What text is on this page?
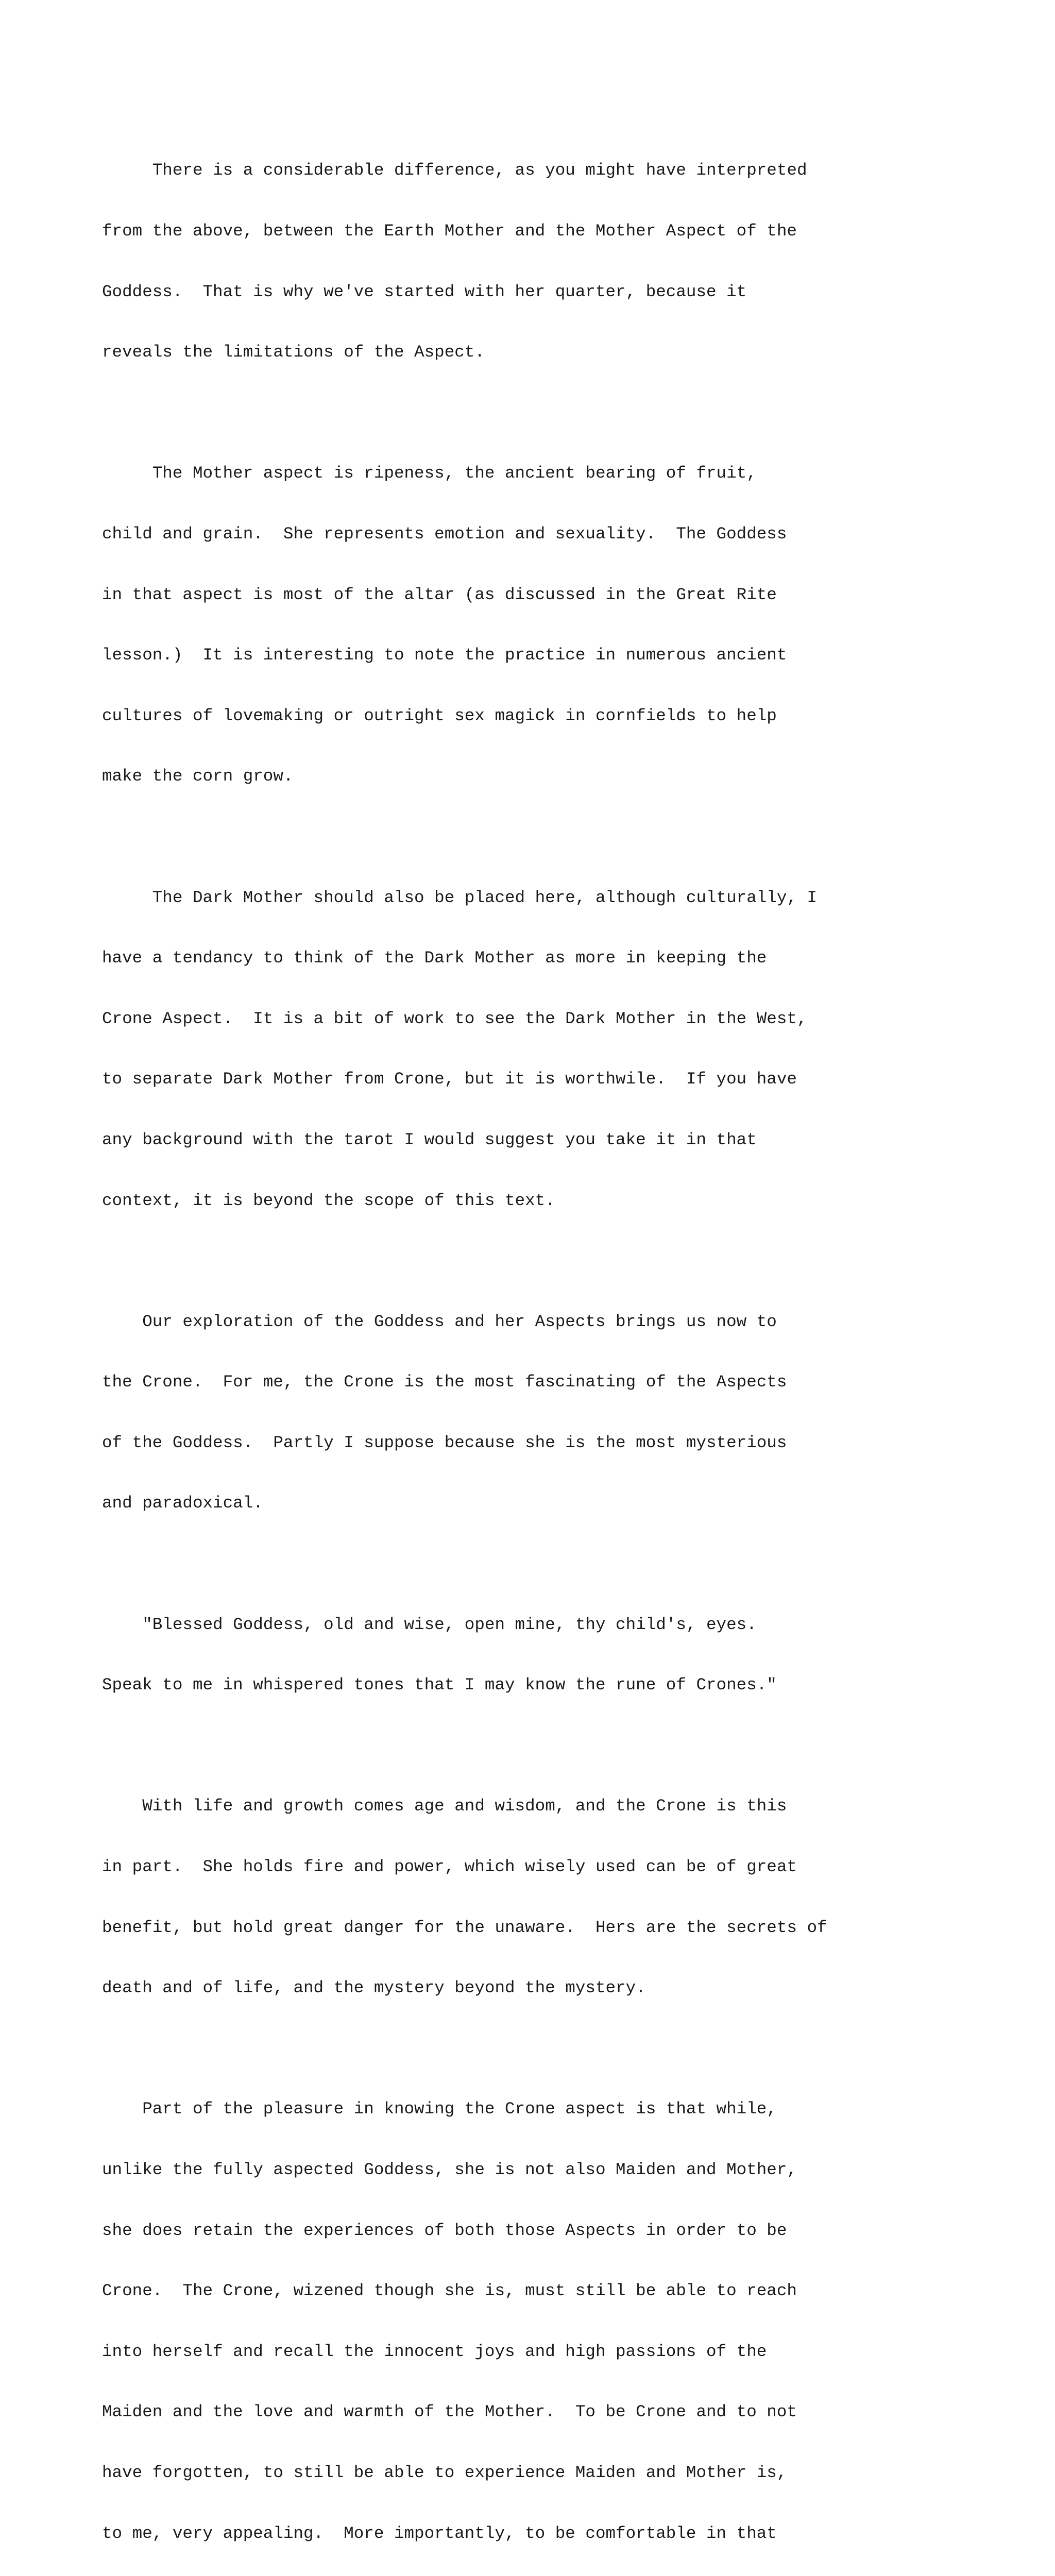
There is a considerable difference, as you might have interpreted

from the above, between the Earth Mother and the Mother Aspect of the

Goddess.  That is why we've started with her quarter, because it

reveals the limitations of the Aspect.

The Mother aspect is ripeness, the ancient bearing of fruit,

child and grain.  She represents emotion and sexuality.  The Goddess

in that aspect is most of the altar (as discussed in the Great Rite

lesson.)  It is interesting to note the practice in numerous ancient

cultures of lovemaking or outright sex magick in cornfields to help

make the corn grow.

The Dark Mother should also be placed here, although culturally, I

have a tendancy to think of the Dark Mother as more in keeping the

Crone Aspect.  It is a bit of work to see the Dark Mother in the West,

to separate Dark Mother from Crone, but it is worthwile.  If you have

any background with the tarot I would suggest you take it in that

context, it is beyond the scope of this text.

Our exploration of the Goddess and her Aspects brings us now to

the Crone.  For me, the Crone is the most fascinating of the Aspects

of the Goddess.  Partly I suppose because she is the most mysterious

and paradoxical.

"Blessed Goddess, old and wise, open mine, thy child's, eyes.

Speak to me in whispered tones that I may know the rune of Crones."

With life and growth comes age and wisdom, and the Crone is this

in part.  She holds fire and power, which wisely used can be of great

benefit, but hold great danger for the unaware.  Hers are the secrets of

death and of life, and the mystery beyond the mystery.

Part of the pleasure in knowing the Crone aspect is that while,

unlike the fully aspected Goddess, she is not also Maiden and Mother,

she does retain the experiences of both those Aspects in order to be

Crone.  The Crone, wizened though she is, must still be able to reach

into herself and recall the innocent joys and high passions of the

Maiden and the love and warmth of the Mother.  To be Crone and to not

have forgotten, to still be able to experience Maiden and Mother is,

to me, very appealing.  More importantly, to be comfortable in that
